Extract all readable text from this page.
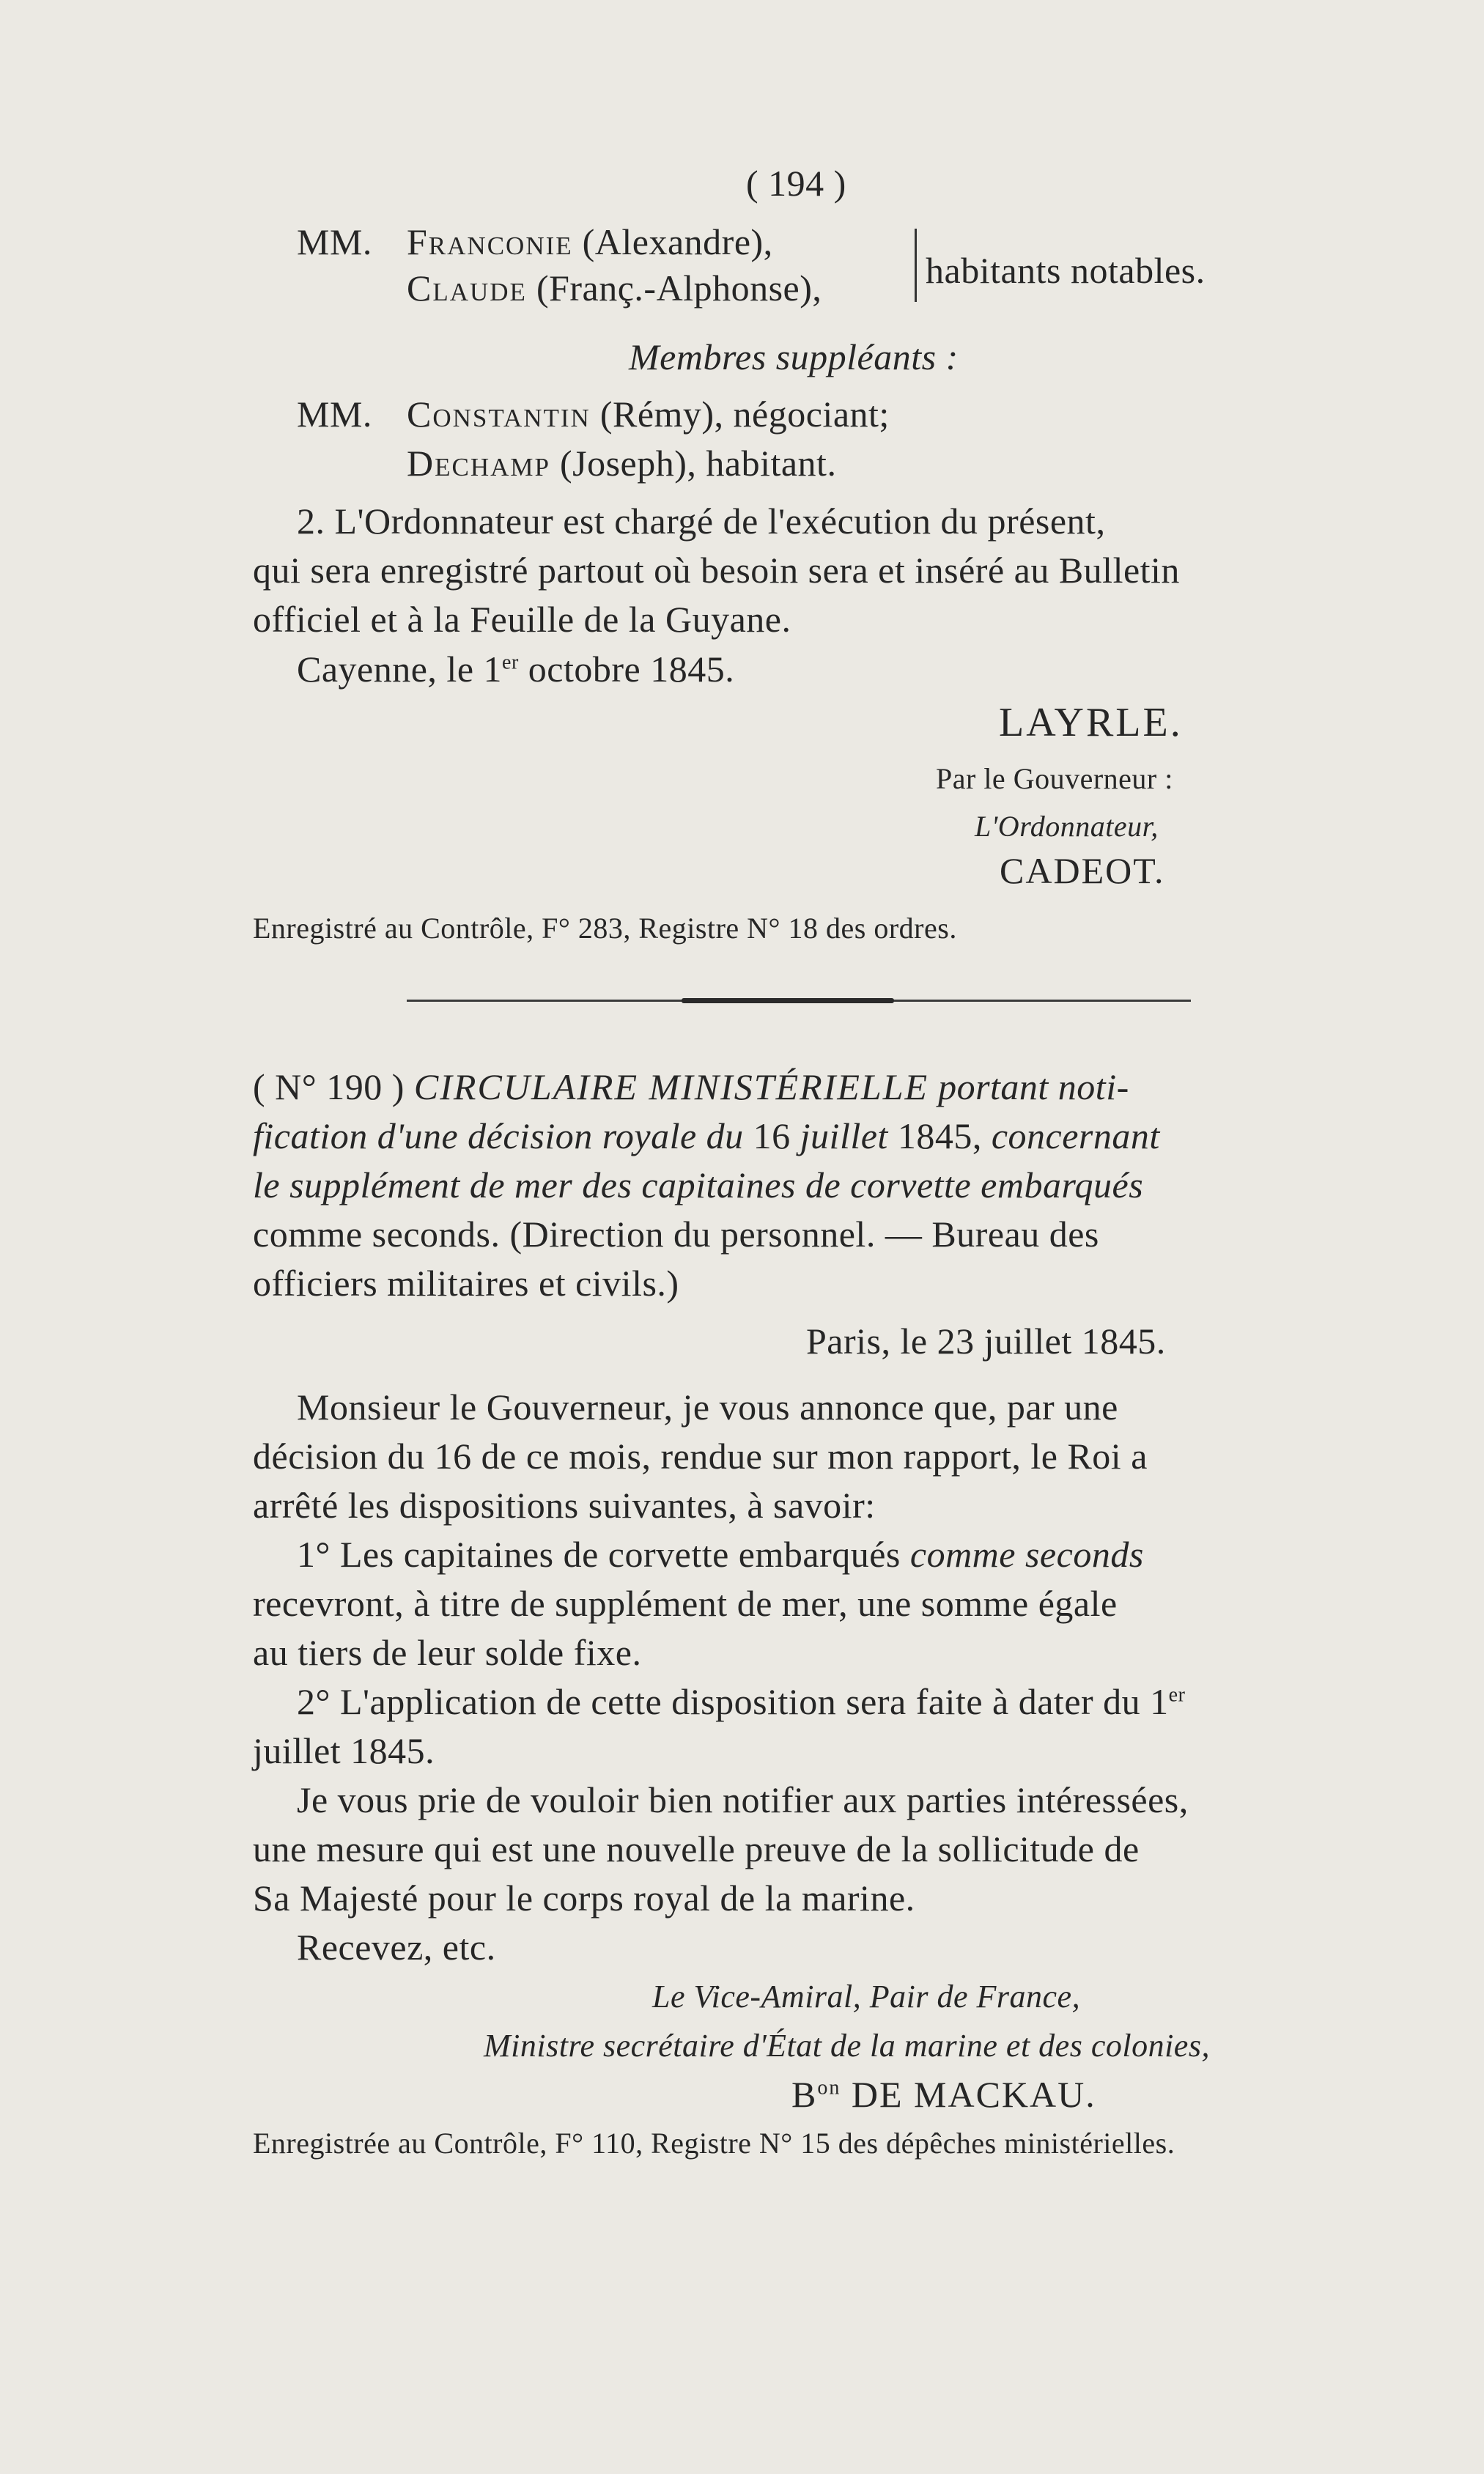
( 194 )
MM. Franconie (Alexandre),
Claude (Franç.-Alphonse),	habitants notables.
Membres suppléants :
MM. Constantin (Rémy), négociant;
Dechamp (Joseph), habitant.
2. L'Ordonnateur est chargé de l'exécution du présent,
qui sera enregistré partout où besoin sera et inséré au Bulletin
officiel et à la Feuille de la Guyane.
Cayenne, le 1er octobre 1845.
LAYRLE.
Par le Gouverneur :
L'Ordonnateur,
CADEOT.
Enregistré au Contrôle, F° 283, Registre N° 18 des ordres.
( N° 190 ) CIRCULAIRE MINISTÉRIELLE portant noti-
fication d'une décision royale du 16 juillet 1845, concernant
le supplément de mer des capitaines de corvette embarqués
comme seconds. (Direction du personnel. — Bureau des
officiers militaires et civils.)
Paris, le 23 juillet 1845.
Monsieur le Gouverneur, je vous annonce que, par une
décision du 16 de ce mois, rendue sur mon rapport, le Roi a
arrêté les dispositions suivantes, à savoir:
1° Les capitaines de corvette embarqués comme seconds
recevront, à titre de supplément de mer, une somme égale
au tiers de leur solde fixe.
2° L'application de cette disposition sera faite à dater du 1er
juillet 1845.
Je vous prie de vouloir bien notifier aux parties intéressées,
une mesure qui est une nouvelle preuve de la sollicitude de
Sa Majesté pour le corps royal de la marine.
Recevez, etc.
Le Vice-Amiral, Pair de France,
Ministre secrétaire d'État de la marine et des colonies,
$B^{on}$ DE MACKAU.
Enregistrée au Contrôle, F° 110, Registre N° 15 des dépêches ministérielles.
